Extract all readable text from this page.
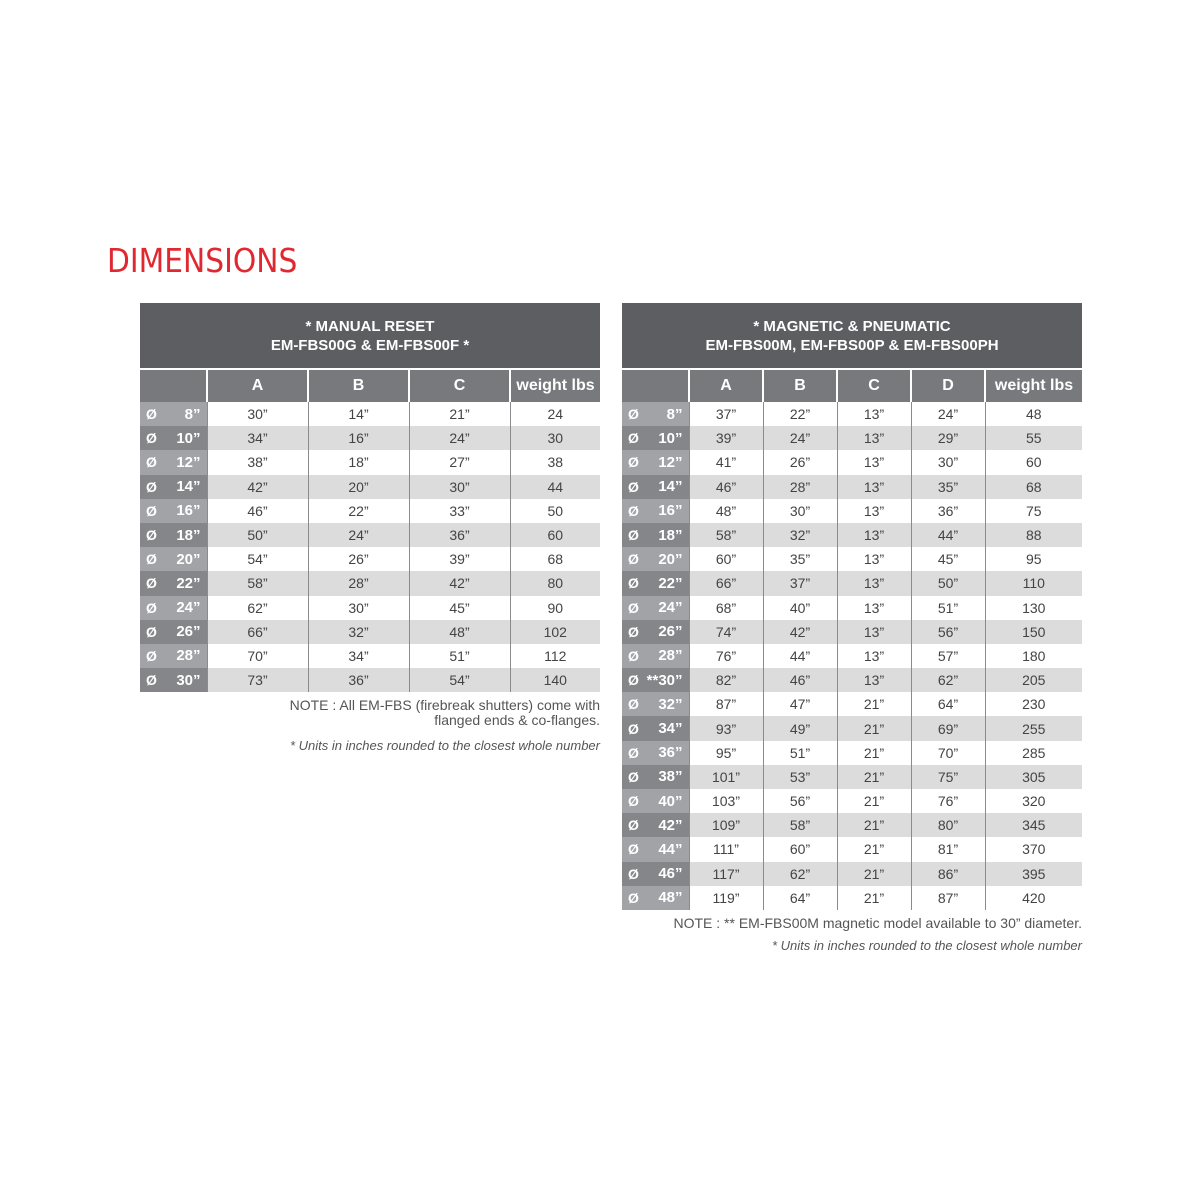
DIMENSIONS
* MANUAL RESET
EM-FBS00G & EM-FBS00F *				

	A	B	C	weight lbs

Ø 8”	30”	14”	21”	24

Ø 10”	34”	16”	24”	30

Ø 12”	38”	18”	27”	38

Ø 14”	42”	20”	30”	44

Ø 16”	46”	22”	33”	50

Ø 18”	50”	24”	36”	60

Ø 20”	54”	26”	39”	68

Ø 22”	58”	28”	42”	80

Ø 24”	62”	30”	45”	90

Ø 26”	66”	32”	48”	102

Ø 28”	70”	34”	51”	112

Ø 30”	73”	36”	54”	140
NOTE : All EM-FBS (firebreak shutters) come with
flanged ends & co-flanges.
* Units in inches rounded to the closest whole number
* MAGNETIC & PNEUMATIC
EM-FBS00M, EM-FBS00P & EM-FBS00PH					

	A	B	C	D	weight lbs

Ø 8”	37”	22”	13”	24”	48

Ø 10”	39”	24”	13”	29”	55

Ø 12”	41”	26”	13”	30”	60

Ø 14”	46”	28”	13”	35”	68

Ø 16”	48”	30”	13”	36”	75

Ø 18”	58”	32”	13”	44”	88

Ø 20”	60”	35”	13”	45”	95

Ø 22”	66”	37”	13”	50”	110

Ø 24”	68”	40”	13”	51”	130

Ø 26”	74”	42”	13”	56”	150

Ø 28”	76”	44”	13”	57”	180

Ø **30”	82”	46”	13”	62”	205

Ø 32”	87”	47”	21”	64”	230

Ø 34”	93”	49”	21”	69”	255

Ø 36”	95”	51”	21”	70”	285

Ø 38”	101”	53”	21”	75”	305

Ø 40”	103”	56”	21”	76”	320

Ø 42”	109”	58”	21”	80”	345

Ø 44”	111”	60”	21”	81”	370

Ø 46”	117”	62”	21”	86”	395

Ø 48”	119”	64”	21”	87”	420
NOTE : ** EM-FBS00M magnetic model available to 30” diameter.
* Units in inches rounded to the closest whole number
